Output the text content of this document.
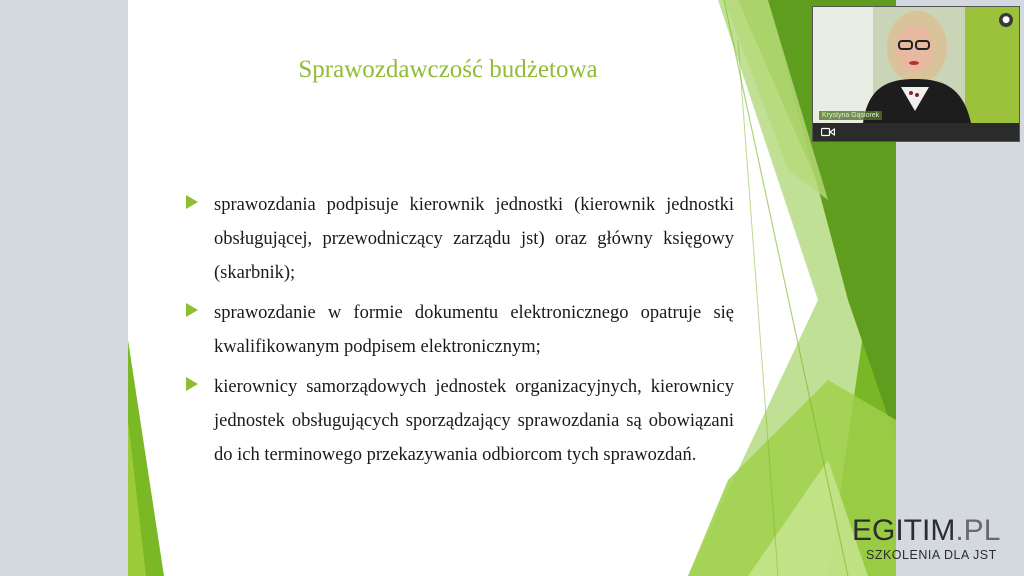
Sprawozdawczość budżetowa
sprawozdania podpisuje kierownik jednostki (kierownik jednostki obsługującej, przewodniczący zarządu jst) oraz główny księgowy (skarbnik);
sprawozdanie w formie dokumentu elektronicznego opatruje się kwalifikowanym podpisem elektronicznym;
kierownicy samorządowych jednostek organizacyjnych, kierownicy jednostek obsługujących sporządzający sprawozdania są obowiązani do ich terminowego przekazywania odbiorcom tych sprawozdań.
●
Krystyna Gąsiorek
EGITIM.PL
SZKOLENIA DLA JST
